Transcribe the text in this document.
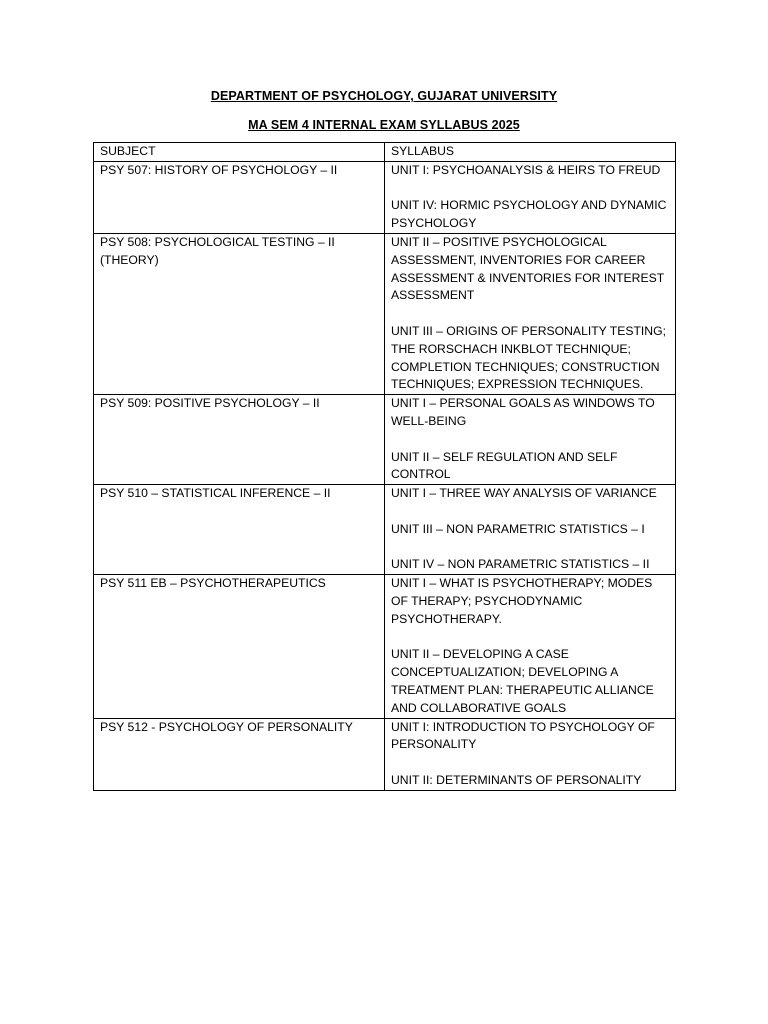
DEPARTMENT OF PSYCHOLOGY, GUJARAT UNIVERSITY
MA SEM 4 INTERNAL EXAM SYLLABUS 2025
SUBJECT	SYLLABUS
PSY 507: HISTORY OF PSYCHOLOGY – II	UNIT I: PSYCHOANALYSIS & HEIRS TO FREUD
UNIT IV: HORMIC PSYCHOLOGY AND DYNAMIC PSYCHOLOGY

PSY 508: PSYCHOLOGICAL TESTING – II (THEORY)	UNIT II – POSITIVE PSYCHOLOGICAL ASSESSMENT, INVENTORIES FOR CAREER ASSESSMENT & INVENTORIES FOR INTEREST ASSESSMENT
UNIT III – ORIGINS OF PERSONALITY TESTING; THE RORSCHACH INKBLOT TECHNIQUE; COMPLETION TECHNIQUES; CONSTRUCTION TECHNIQUES; EXPRESSION TECHNIQUES.

PSY 509: POSITIVE PSYCHOLOGY – II	UNIT I – PERSONAL GOALS AS WINDOWS TO WELL-BEING
UNIT II – SELF REGULATION AND SELF CONTROL

PSY 510 – STATISTICAL INFERENCE – II	UNIT I – THREE WAY ANALYSIS OF VARIANCE
UNIT III – NON PARAMETRIC STATISTICS – I
UNIT IV – NON PARAMETRIC STATISTICS – II

PSY 511 EB – PSYCHOTHERAPEUTICS	UNIT I – WHAT IS PSYCHOTHERAPY; MODES OF THERAPY; PSYCHODYNAMIC PSYCHOTHERAPY.
UNIT II – DEVELOPING A CASE CONCEPTUALIZATION; DEVELOPING A TREATMENT PLAN: THERAPEUTIC ALLIANCE AND COLLABORATIVE GOALS

PSY 512 - PSYCHOLOGY OF PERSONALITY	UNIT I: INTRODUCTION TO PSYCHOLOGY OF PERSONALITY
UNIT II: DETERMINANTS OF PERSONALITY
